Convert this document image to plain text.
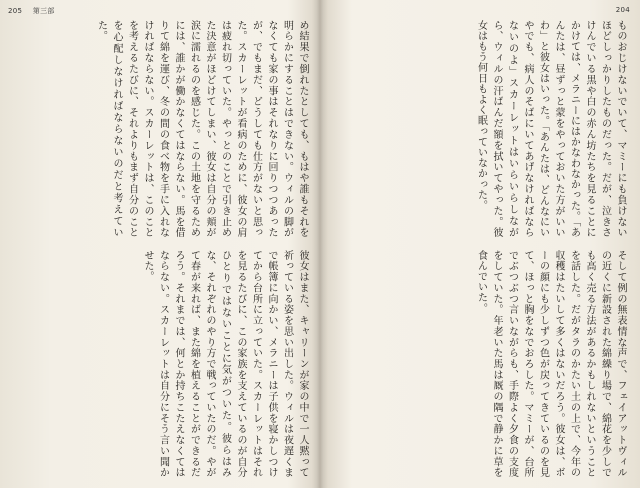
205 第三部
め結果で倒れたとしても、もはや誰もそれを明らかにすることはできない。ウィルの脚がなくても家の事はそれなりに回りつつあったが、でもまだ、どうしても仕方がないと思った。スカーレットが看病のために、彼女の肩は疲れ切っていた。やっとのことで引き止めた決意がほどけてしまい、彼女は自分の頬が涙に濡れるのを感じた。この土地を守るためには、誰かが働かなくてはならない。馬を借りて綿を運び、冬の間の食べ物を手に入れなければならない。スカーレットは、このことを考えるたびに、それよりもまず自分のことを心配しなければならないのだと考えていた。
彼女はまた、キャリーンが家の中で一人黙って祈っている姿を思い出した。ウィルは夜遅くまで帳簿に向かい、メラニーは子供を寝かしつけてから台所に立っていた。スカーレットはそれを見るたびに、この家族を支えているのが自分ひとりではないことに気がついた。彼らはみな、それぞれのやり方で戦っていたのだ。やがて春が来れば、また綿を植えることができるだろう。それまでは、何とか持ちこたえなくてはならない。スカーレットは自分にそう言い聞かせた。
204
ものおじけないでいて、マミーにも負けないほどしっかりしたものだった。だが、泣きさけんでいる黒や白の赤ん坊たちを見ることにかけては、メラニーにはかなわなかった。「あんたは、昼ずっと蒙をやっておいた方がいいわ」と彼女はいった。「あんたは、どんなにいやでも、病人のそばにいてあげなければならないのよ」スカーレットはいらいらしながら、ウィルの汗ばんだ額を拭いてやった。彼女はもう何日もよく眠っていなかった。
そして例の無表情な声で、フェイアットヴィルの近くに新設された綿繰り場で、綿花を少しでも高く売る方法があるかもしれないということを話した。だがタラのかたい土の上で、今年の収穫はたいして多くはないだろう。彼女は、ボーの顔にも少しずつ色が戻ってきているのを見て、ほっと胸をなでおろした。マミーが、台所でぶつぶつ言いながらも、手際よく夕食の支度をしていた。年老いた馬は厩の隅で静かに草を食んでいた。
